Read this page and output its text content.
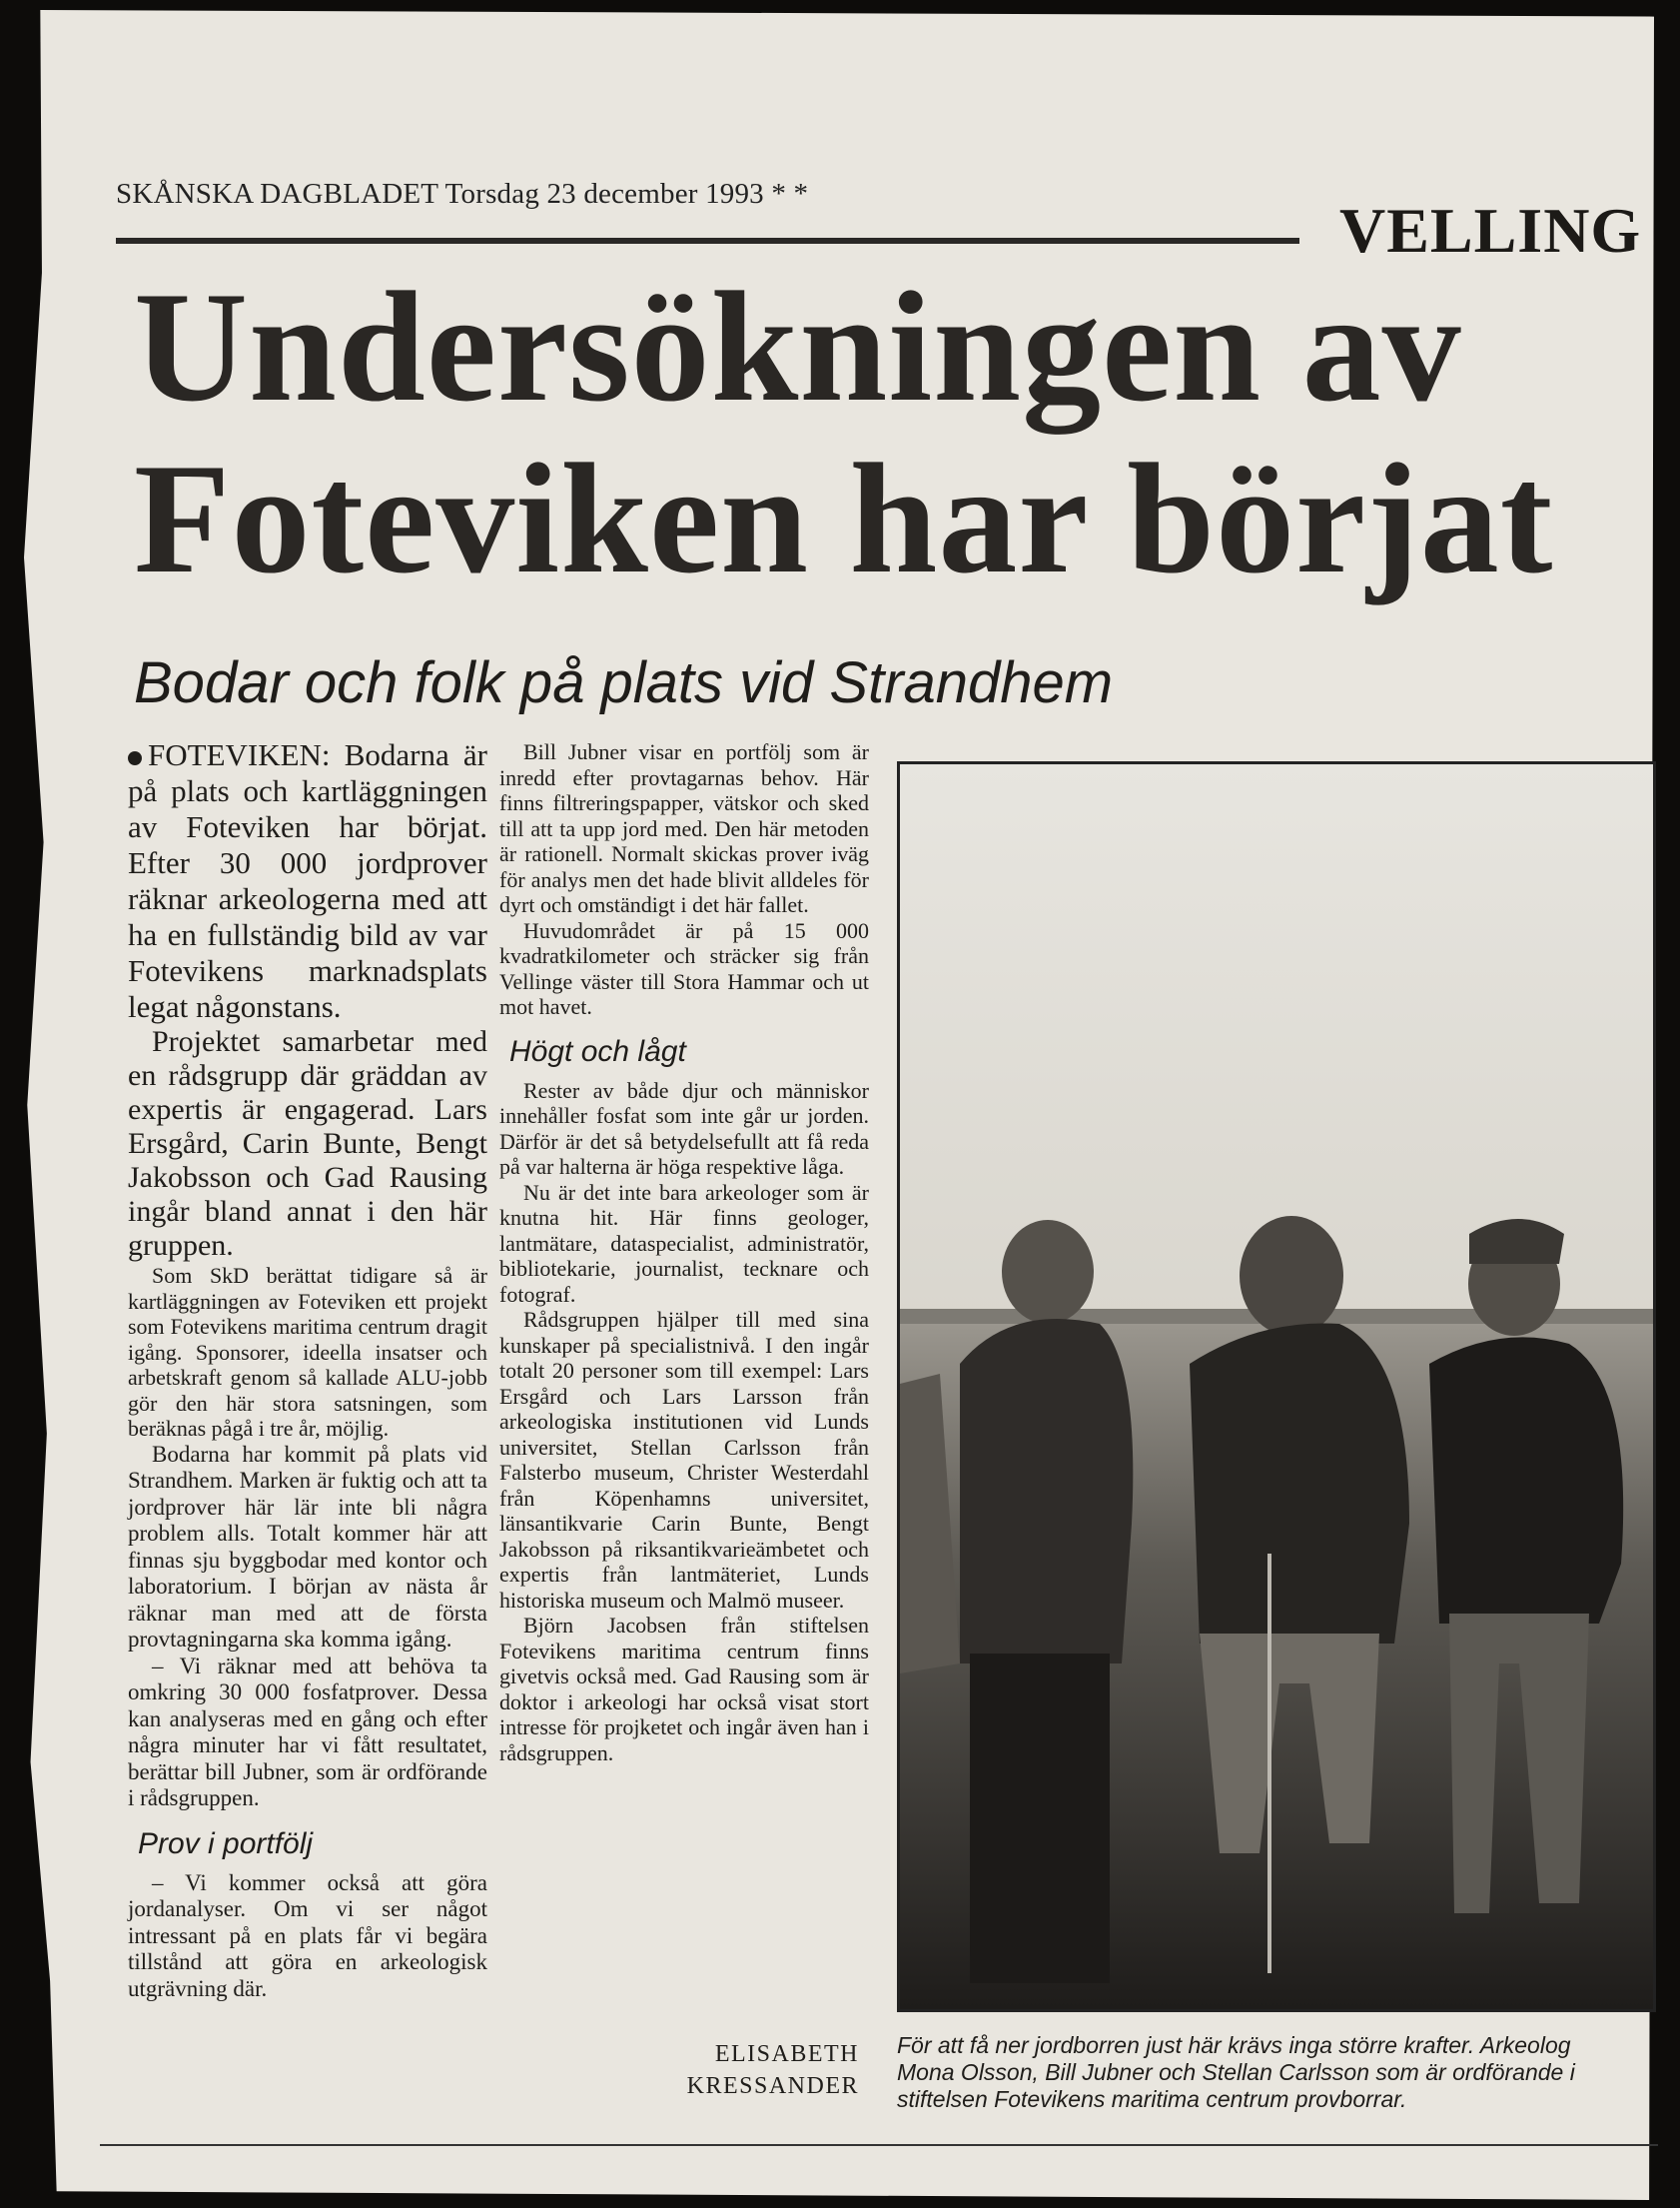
SKÅNSKA DAGBLADET Torsdag 23 december 1993 * *
VELLING
Undersökningen av
Foteviken har börjat
Bodar och folk på plats vid Strandhem

FOTEVIKEN: Bodarna är på plats och kartläggningen av Foteviken har börjat. Efter 30 000 jordprover räknar arkeologerna med att ha en fullständig bild av var Fotevikens marknadsplats legat någonstans.

Projektet samarbetar med en rådsgrupp där gräddan av expertis är engagerad. Lars Ersgård, Carin Bunte, Bengt Jakobsson och Gad Rausing ingår bland annat i den här gruppen.

Som SkD berättat tidigare så är kartläggningen av Foteviken ett projekt som Fotevikens maritima centrum dragit igång. Sponsorer, ideella insatser och arbetskraft genom så kallade ALU-jobb gör den här stora satsningen, som beräknas pågå i tre år, möjlig.

Bodarna har kommit på plats vid Strandhem. Marken är fuktig och att ta jordprover här lär inte bli några problem alls. Totalt kommer här att finnas sju byggbodar med kontor och laboratorium. I början av nästa år räknar man med att de första provtagningarna ska komma igång.

– Vi räknar med att behöva ta omkring 30 000 fosfatprover. Dessa kan analyseras med en gång och efter några minuter har vi fått resultatet, berättar bill Jubner, som är ordförande i rådsgruppen.

Prov i portfölj

– Vi kommer också att göra jordanalyser. Om vi ser något intressant på en plats får vi begära tillstånd att göra en arkeologisk utgrävning där.

Bill Jubner visar en portfölj som är inredd efter provtagarnas behov. Här finns filtreringspapper, vätskor och sked till att ta upp jord med. Den här metoden är rationell. Normalt skickas prover iväg för analys men det hade blivit alldeles för dyrt och omständigt i det här fallet.

Huvudområdet är på 15 000 kvadratkilometer och sträcker sig från Vellinge väster till Stora Hammar och ut mot havet.

Högt och lågt

Rester av både djur och människor innehåller fosfat som inte går ur jorden. Därför är det så betydelsefullt att få reda på var halterna är höga respektive låga.

Nu är det inte bara arkeologer som är knutna hit. Här finns geologer, lantmätare, dataspecialist, administratör, bibliotekarie, journalist, tecknare och fotograf.

Rådsgruppen hjälper till med sina kunskaper på specialistnivå. I den ingår totalt 20 personer som till exempel: Lars Ersgård och Lars Larsson från arkeologiska institutionen vid Lunds universitet, Stellan Carlsson från Falsterbo museum, Christer Westerdahl från Köpenhamns universitet, länsantikvarie Carin Bunte, Bengt Jakobsson på riksantikvarieämbetet och expertis från lantmäteriet, Lunds historiska museum och Malmö museer.

Björn Jacobsen från stiftelsen Fotevikens maritima centrum finns givetvis också med. Gad Rausing som är doktor i arkeologi har också visat stort intresse för projketet och ingår även han i rådsgruppen.

ELISABETH
KRESSANDER
För att få ner jordborren just här krävs inga större krafter. Arkeolog Mona Olsson, Bill Jubner och Stellan Carlsson som är ordförande i stiftelsen Fotevikens maritima centrum provborrar.
